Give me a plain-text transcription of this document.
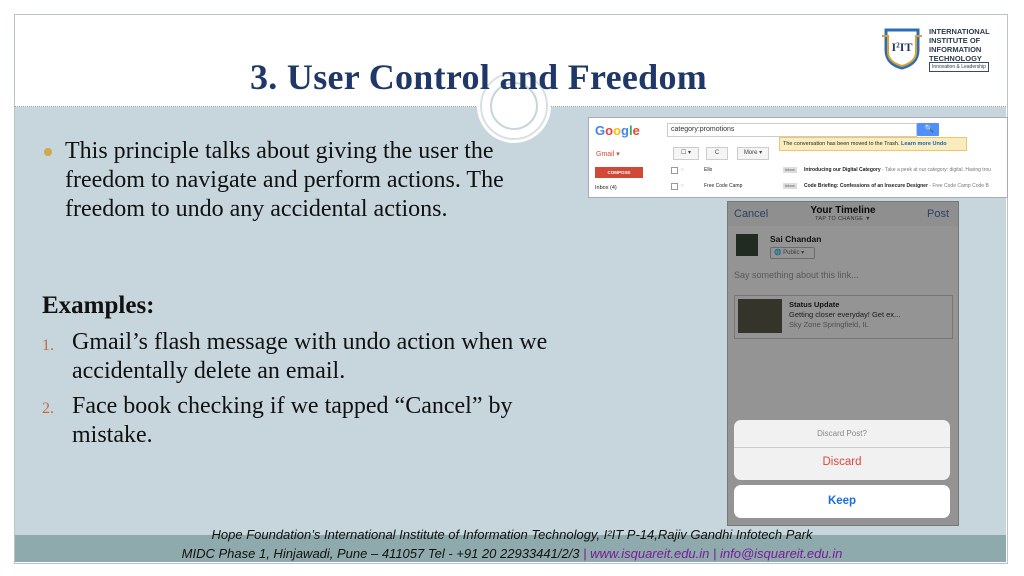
3. User Control and Freedom
I²IT
INTERNATIONAL
INSTITUTE OF
INFORMATION
TECHNOLOGY
Innovation & Leadership
This principle talks about giving the user the freedom to navigate and perform actions. The freedom to undo any accidental actions.
Examples:
1. Gmail’s flash message with undo action when we accidentally delete an email.
2. Face book checking if we tapped “Cancel” by mistake.
Google	category:promotions	🔍
The conversation has been moved to the Trash. Learn more Undo
Gmail ▾	☐ ▾	C	More ▾
COMPOSE
Inbox (4)
☆	Ello	Inbox	Introducing our Digital Category - Take a peek at our category: digital. Having trou
☆	Free Code Camp	Inbox	Code Briefing: Confessions of an Insecure Designer - Free Code Camp Code B
Cancel	Your Timeline
TAP TO CHANGE ▼	Post
Sai Chandan
🌐 Public ▾
Say something about this link...
Status Update
Getting closer everyday! Get ex...
Sky Zone Springfield, IL
Discard Post?
Discard
Keep
Hope Foundation’s International Institute of Information Technology, I²IT P-14,Rajiv Gandhi Infotech Park
MIDC Phase 1, Hinjawadi, Pune – 411057 Tel - +91 20 22933441/2/3 | www.isquareit.edu.in | info@isquareit.edu.in
